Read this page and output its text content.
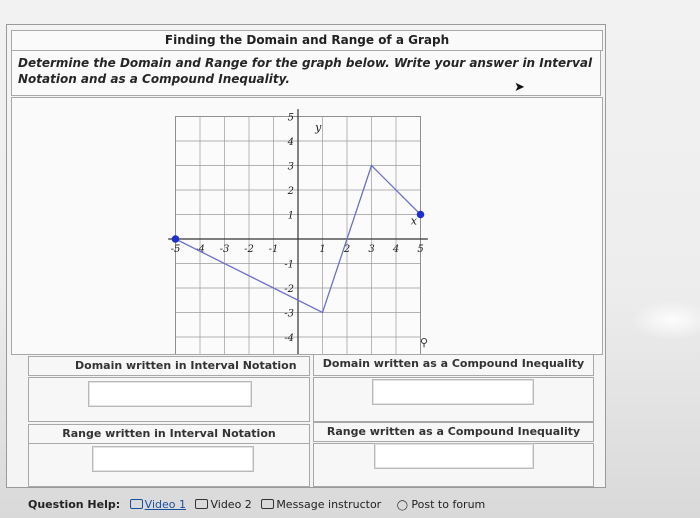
Finding the Domain and Range of a Graph
Determine the Domain and Range for the graph below. Write your answer in Interval Notation and as a Compound Inequality.
-5 -4 -3 -2 -1	1 2 3 4 5
5
4
3
2
1
-1
-2
-3
-4
x
y
➤
⚲
Domain written in Interval Notation	Domain written as a Compound Inequality
Range written in Interval Notation	Range written as a Compound Inequality
Question Help: Video 1 Video 2 Message instructor ◯ Post to forum
